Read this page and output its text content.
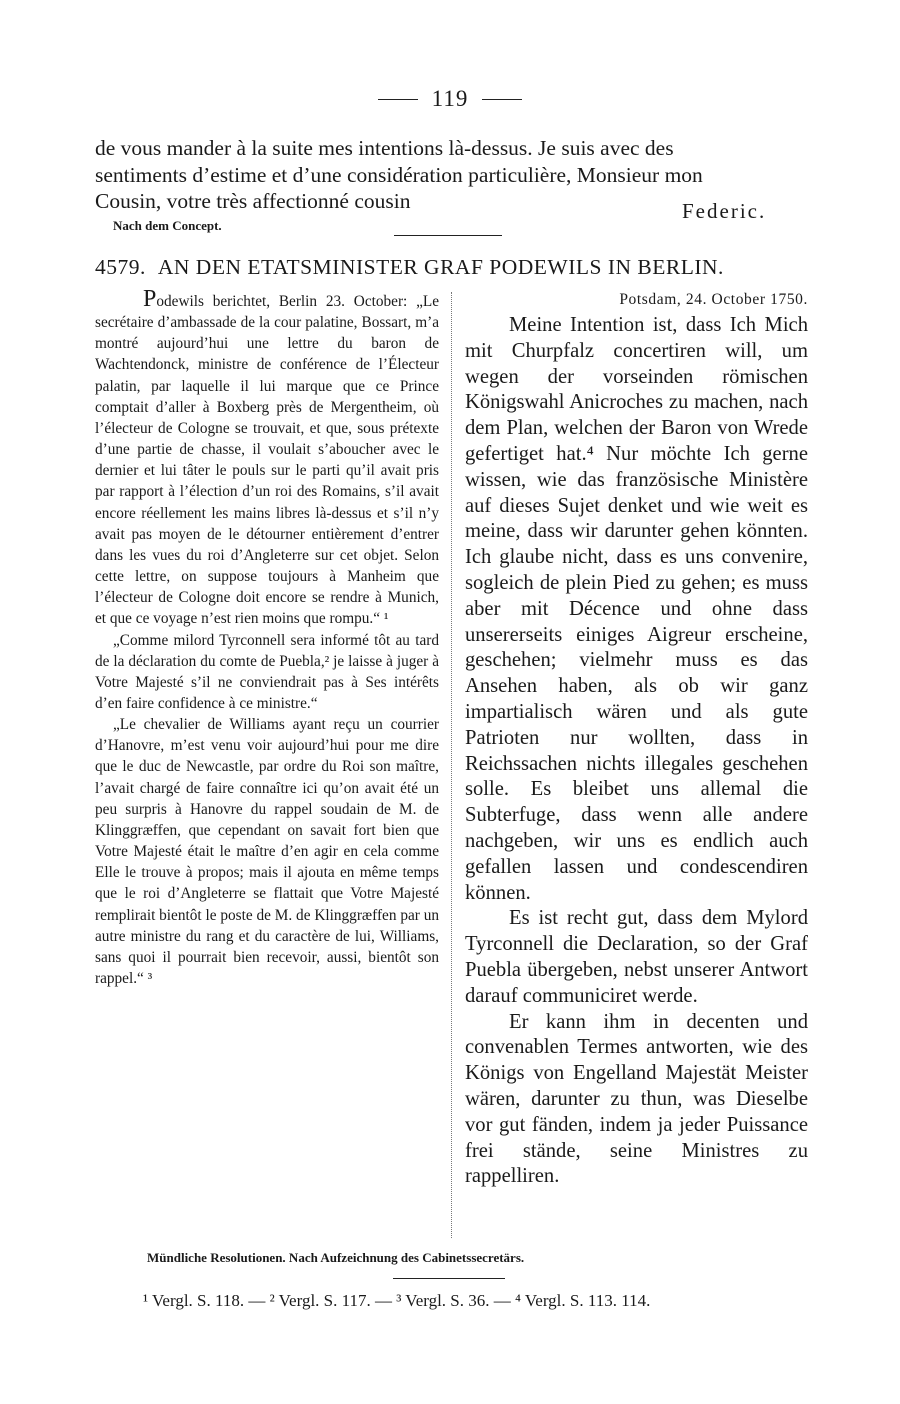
119
de vous mander à la suite mes intentions là-dessus. Je suis avec des
sentiments d’estime et d’une considération particulière, Monsieur mon
Cousin, votre très affectionné cousin	Federic.
Nach dem Concept.
4579. AN DEN ETATSMINISTER GRAF PODEWILS IN BERLIN.

Podewils berichtet, Berlin 23. October: „Le secrétaire d’ambassade de la cour palatine, Bossart, m’a montré aujourd’hui une lettre du baron de Wachtendonck, ministre de conférence de l’Électeur palatin, par laquelle il lui marque que ce Prince comptait d’aller à Boxberg près de Mergentheim, où l’électeur de Cologne se trouvait, et que, sous prétexte d’une partie de chasse, il voulait s’aboucher avec le dernier et lui tâter le pouls sur le parti qu’il avait pris par rapport à l’élection d’un roi des Romains, s’il avait encore réellement les mains libres là-dessus et s’il n’y avait pas moyen de le détourner entièrement d’entrer dans les vues du roi d’Angleterre sur cet objet. Selon cette lettre, on suppose toujours à Manheim que l’électeur de Cologne doit encore se rendre à Munich, et que ce voyage n’est rien moins que rompu.“ ¹

„Comme milord Tyrconnell sera informé tôt au tard de la déclaration du comte de Puebla,² je laisse à juger à Votre Majesté s’il ne conviendrait pas à Ses intérêts d’en faire confidence à ce ministre.“

„Le chevalier de Williams ayant reçu un courrier d’Hanovre, m’est venu voir aujourd’hui pour me dire que le duc de Newcastle, par ordre du Roi son maître, l’avait chargé de faire connaître ici qu’on avait été un peu surpris à Hanovre du rappel soudain de M. de Klinggræffen, que cependant on savait fort bien que Votre Majesté était le maître d’en agir en cela comme Elle le trouve à propos; mais il ajouta en même temps que le roi d’Angleterre se flattait que Votre Majesté remplirait bientôt le poste de M. de Klinggræffen par un autre ministre du rang et du caractère de lui, Williams, sans quoi il pourrait bien recevoir, aussi, bientôt son rappel.“ ³

Potsdam, 24. October 1750.

Meine Intention ist, dass Ich Mich mit Churpfalz concertiren will, um wegen der vorseinden römischen Königswahl Anicroches zu machen, nach dem Plan, welchen der Baron von Wrede gefertiget hat.⁴ Nur möchte Ich gerne wissen, wie das französische Ministère auf dieses Sujet denket und wie weit es meine, dass wir darunter gehen könnten. Ich glaube nicht, dass es uns convenire, sogleich de plein Pied zu gehen; es muss aber mit Décence und ohne dass unsererseits einiges Aigreur erscheine, geschehen; vielmehr muss es das Ansehen haben, als ob wir ganz impartialisch wären und als gute Patrioten nur wollten, dass in Reichssachen nichts illegales geschehen solle. Es bleibet uns allemal die Subterfuge, dass wenn alle andere nachgeben, wir uns es endlich auch gefallen lassen und condescendiren können.

Es ist recht gut, dass dem Mylord Tyrconnell die Declaration, so der Graf Puebla übergeben, nebst unserer Antwort darauf communiciret werde.

Er kann ihm in decenten und convenablen Termes antworten, wie des Königs von Engelland Majestät Meister wären, darunter zu thun, was Dieselbe vor gut fänden, indem ja jeder Puissance frei stände, seine Ministres zu rappelliren.

Mündliche Resolutionen. Nach Aufzeichnung des Cabinetssecretärs.
¹ Vergl. S. 118. — ² Vergl. S. 117. — ³ Vergl. S. 36. — ⁴ Vergl. S. 113. 114.
